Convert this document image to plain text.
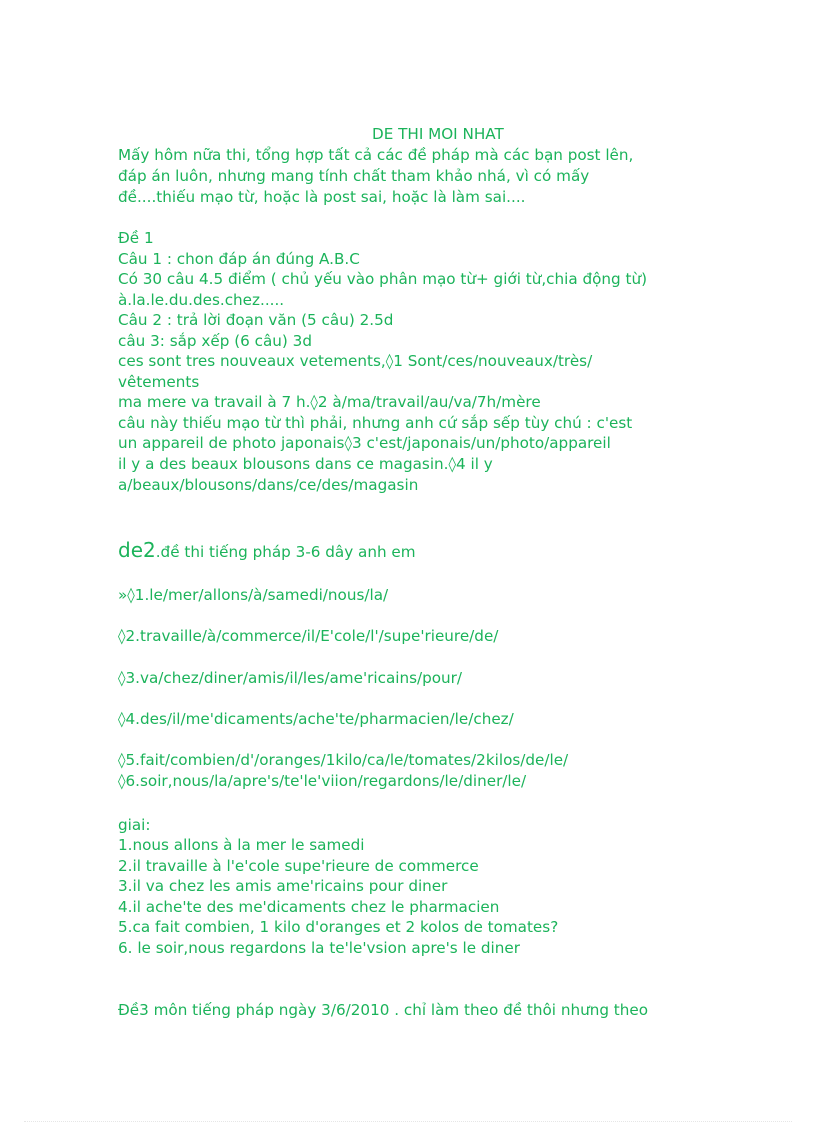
DE THI MOI NHAT
Mấy hôm nữa thi, tổng hợp tất cả các đề pháp mà các bạn post lên,
đáp án luôn, nhưng mang tính chất tham khảo nhá, vì có mấy
đề....thiếu mạo từ, hoặc là post sai, hoặc là làm sai....
Đề 1
Câu 1 : chon đáp án đúng A.B.C
Có 30 câu 4.5 điểm ( chủ yếu vào phân mạo từ+ giới từ,chia động từ)
à.la.le.du.des.chez.....
Câu 2 : trả lời đoạn văn (5 câu) 2.5d
câu 3: sắp xếp (6 câu) 3d
ces sont tres nouveaux vetements,◊1 Sont/ces/nouveaux/très/
vêtements
ma mere va travail à 7 h.◊2 à/ma/travail/au/va/7h/mère
câu này thiếu mạo từ thì phải, nhưng anh cứ sắp sếp tùy chú : c'est
un appareil de photo japonais◊3 c'est/japonais/un/photo/appareil
il y a des beaux blousons dans ce magasin.◊4 il y
a/beaux/blousons/dans/ce/des/magasin
de2.đề thi tiếng pháp 3-6 dây anh em
»◊1.le/mer/allons/à/samedi/nous/la/
◊2.travaille/à/commerce/il/E'cole/l'/supe'rieure/de/
◊3.va/chez/diner/amis/il/les/ame'ricains/pour/
◊4.des/il/me'dicaments/ache'te/pharmacien/le/chez/
◊5.fait/combien/d'/oranges/1kilo/ca/le/tomates/2kilos/de/le/
◊6.soir,nous/la/apre's/te'le'viion/regardons/le/diner/le/
giai:
1.nous allons à la mer le samedi
2.il travaille à l'e'cole supe'rieure de commerce
3.il va chez les amis ame'ricains pour diner
4.il ache'te des me'dicaments chez le pharmacien
5.ca fait combien, 1 kilo d'oranges et 2 kolos de tomates?
6. le soir,nous regardons la te'le'vsion apre's le diner
Đề3 môn tiếng pháp ngày 3/6/2010 . chỉ làm theo đề thôi nhưng theo
